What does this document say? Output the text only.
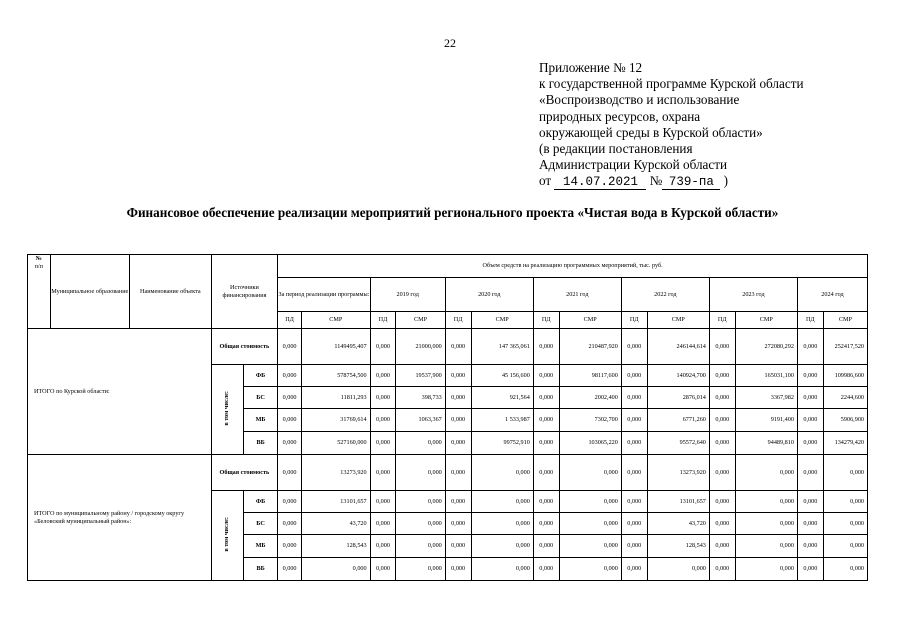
22
Приложение № 12
к государственной программе Курской области
«Воспроизводство и использование
природных ресурсов, охрана
окружающей среды в Курской области»
(в редакции постановления
Администрации Курской области
от 14.07.2021 № 739-па )
Финансовое обеспечение реализации мероприятий регионального проекта «Чистая вода в Курской области»
№
п/п	Муниципальное образование	Наименование объекта	Источники финансирования		Объем средств на реализацию программных мероприятий, тыс. руб.													
					За период реализации программы:		2019 год		2020 год		2021 год		2022 год		2023 год		2024 год	
					ПД	СМР	ПД	СМР	ПД	СМР	ПД	СМР	ПД	СМР	ПД	СМР	ПД	СМР
ИТОГО по Курской области:			Общая стоимость		0,000	1149495,407	0,000	21000,000	0,000	147 365,061	0,000	210487,920	0,000	246144,614	0,000	272080,292	0,000	252417,520
			в том числе:	ФБ	0,000	578754,500	0,000	19537,900	0,000	45 156,600	0,000	98117,600	0,000	140924,700	0,000	165031,100	0,000	109986,600
				БС	0,000	11811,293	0,000	398,733	0,000	921,564	0,000	2002,400	0,000	2876,014	0,000	3367,982	0,000	2244,600
				МБ	0,000	31769,614	0,000	1063,367	0,000	1 533,987	0,000	7302,700	0,000	6771,260	0,000	9191,400	0,000	5906,900
				ВБ	0,000	527160,000	0,000	0,000	0,000	99752,910	0,000	103065,220	0,000	95572,640	0,000	94489,810	0,000	134279,420
ИТОГО по муниципальному району / городскому округу «Беловский муниципальный район»:			Общая стоимость		0,000	13273,920	0,000	0,000	0,000	0,000	0,000	0,000	0,000	13273,920	0,000	0,000	0,000	0,000
			в том числе:	ФБ	0,000	13101,657	0,000	0,000	0,000	0,000	0,000	0,000	0,000	13101,657	0,000	0,000	0,000	0,000
				БС	0,000	43,720	0,000	0,000	0,000	0,000	0,000	0,000	0,000	43,720	0,000	0,000	0,000	0,000
				МБ	0,000	128,543	0,000	0,000	0,000	0,000	0,000	0,000	0,000	128,543	0,000	0,000	0,000	0,000
				ВБ	0,000	0,000	0,000	0,000	0,000	0,000	0,000	0,000	0,000	0,000	0,000	0,000	0,000	0,000
